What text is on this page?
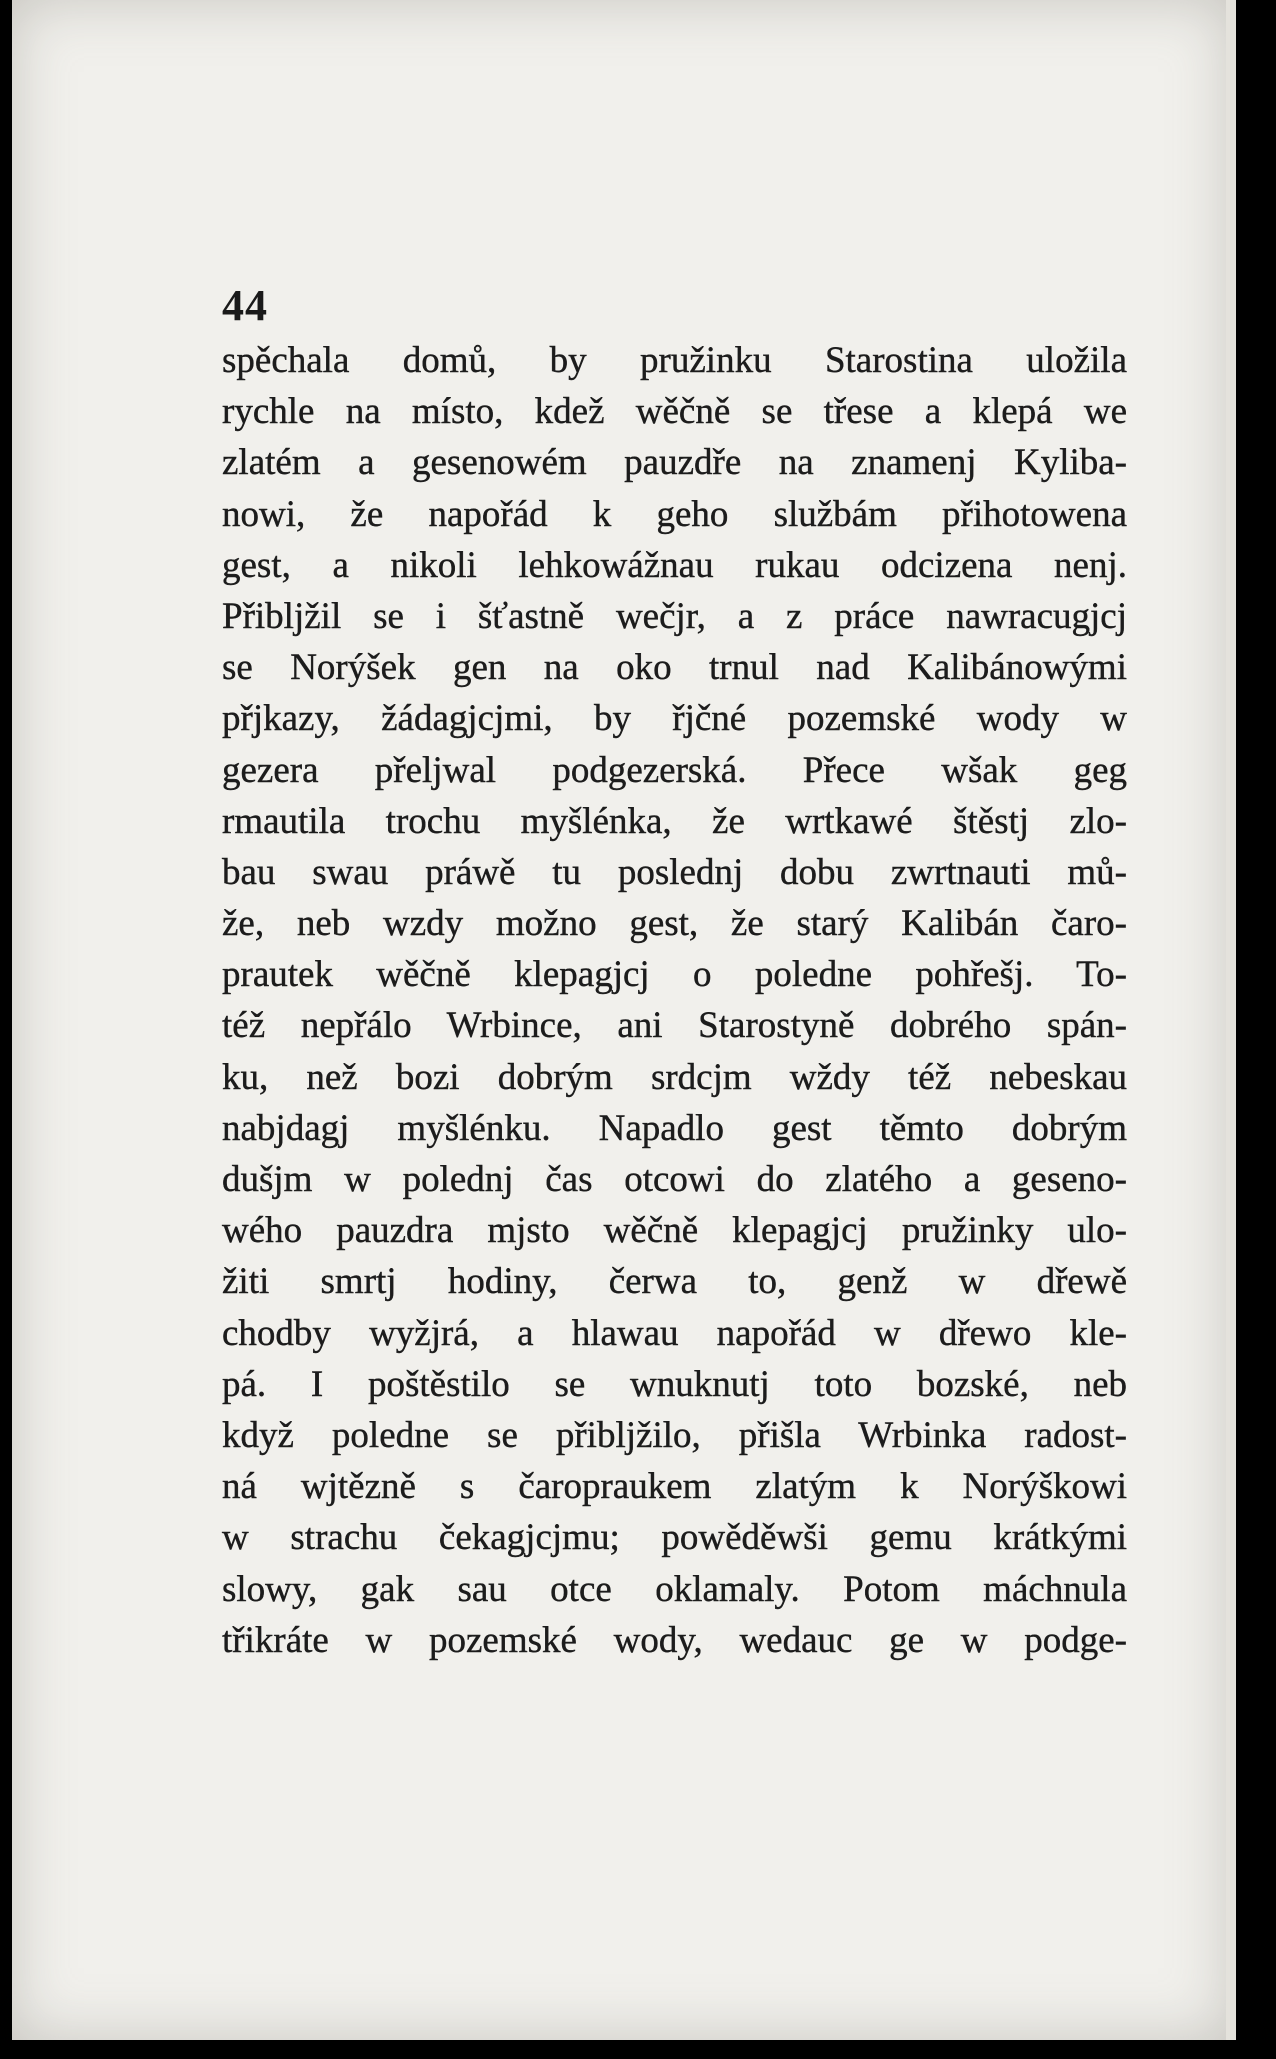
44
spěchala domů, by pružinku Starostina uložila
rychle na místo, kdež wěčně se třese a klepá we
zlatém a gesenowém pauzdře na znamenj Kyliba-
nowi, že napořád k geho službám přihotowena
gest, a nikoli lehkowážnau rukau odcizena nenj.
Přibljžil se i šťastně wečjr, a z práce nawracugjcj
se Norýšek gen na oko trnul nad Kalibánowými
přjkazy, žádagjcjmi, by řjčné pozemské wody w
gezera přeljwal podgezerská. Přece wšak geg
rmautila trochu myšlénka, že wrtkawé štěstj zlo-
bau swau práwě tu poslednj dobu zwrtnauti mů-
že, neb wzdy možno gest, že starý Kalibán čaro-
prautek wěčně klepagjcj o poledne pohřešj. To-
též nepřálo Wrbince, ani Starostyně dobrého spán-
ku, než bozi dobrým srdcjm wždy též nebeskau
nabjdagj myšlénku. Napadlo gest těmto dobrým
dušjm w polednj čas otcowi do zlatého a geseno-
wého pauzdra mjsto wěčně klepagjcj pružinky ulo-
žiti smrtj hodiny, čerwa to, genž w dřewě
chodby wyžjrá, a hlawau napořád w dřewo kle-
pá. I poštěstilo se wnuknutj toto bozské, neb
když poledne se přibljžilo, přišla Wrbinka radost-
ná wjtězně s čaropraukem zlatým k Norýškowi
w strachu čekagjcjmu; powěděwši gemu krátkými
slowy, gak sau otce oklamaly. Potom máchnula
třikráte w pozemské wody, wedauc ge w podge-
